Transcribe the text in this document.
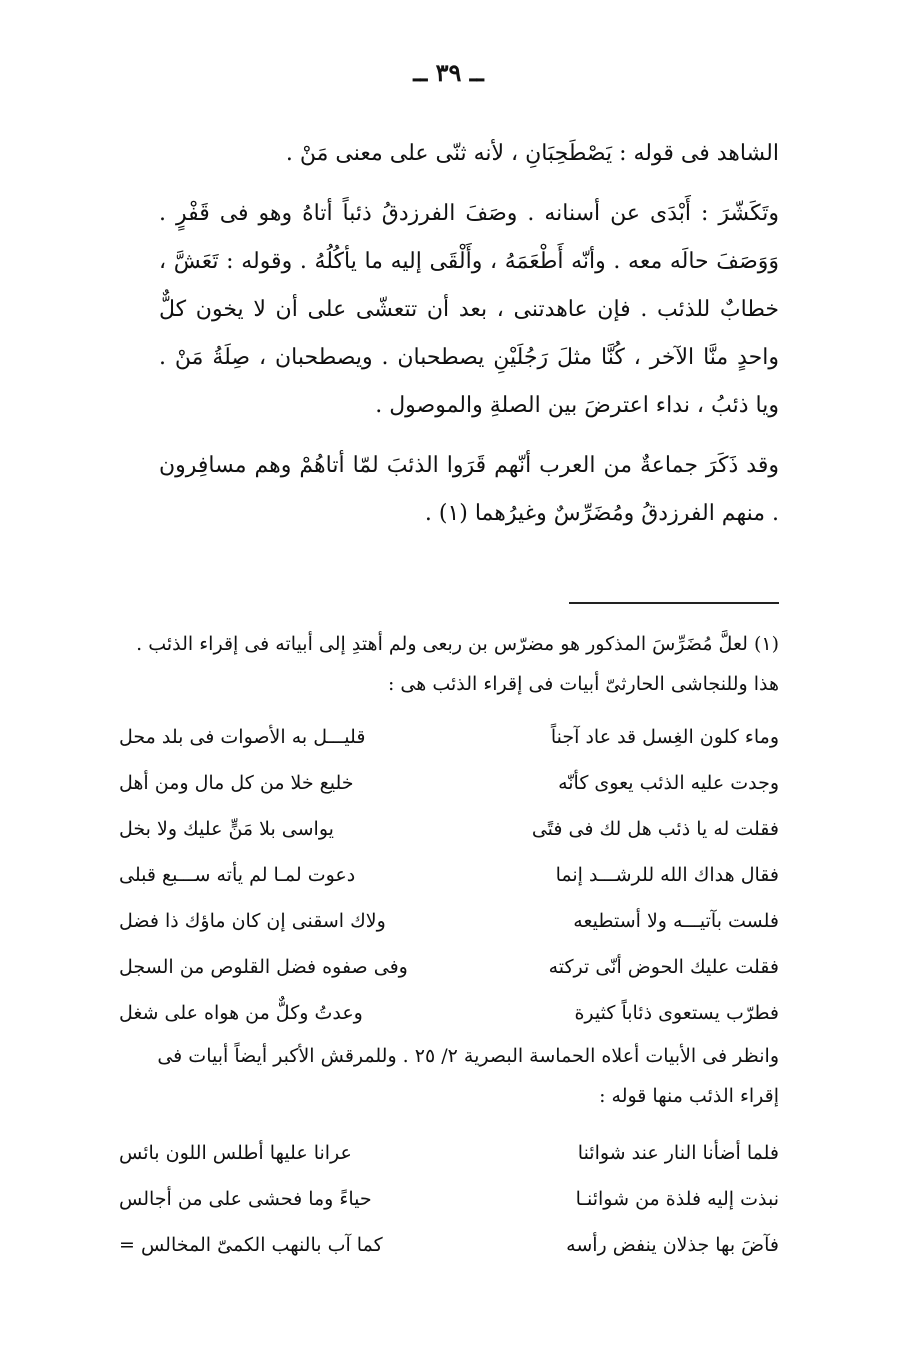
ــ ٣٩ ــ

الشاهد فى قوله : يَصْطَحِبَانِ ، لأنه ثنّى على معنى مَنْ .

وتَكَشّرَ : أَبْدَى عن أسنانه . وصَفَ الفرزدقُ ذئباً أتاهُ وهو فى قَفْرٍ . وَوَصَفَ حالَه معه . وأنّه أَطْعَمَهُ ، وأَلْقَى إليه ما يأكُلُهُ . وقوله : تَعَشَّ ، خطابٌ للذئب . فإن عاهدتنى ، بعد أن تتعشّى على أن لا يخون كلٌّ واحدٍ منَّا الآخر ، كُنَّا مثلَ رَجُلَيْنِ يصطحبان . ويصطحبان ، صِلَةُ مَنْ . ويا ذئبُ ، نداء اعترضَ بين الصلةِ والموصول .

وقد ذَكَرَ جماعةٌ من العرب أنّهم قَرَوا الذئبَ لمّا أتاهُمْ وهم مسافِرون . منهم الفرزدقُ ومُضَرِّسٌ وغيرُهما (١) .

(١) لعلَّ مُضَرِّسَ المذكور هو مضرّس بن ربعى ولم أهتدِ إلى أبياته فى إقراء الذئب . هذا وللنجاشى الحارثىّ أبيات فى إقراء الذئب هى :

وماء كلون الغِسل قد عاد آجناً
قليـــل به الأصوات فى بلد محل
وجدت عليه الذئب يعوى كأنّه
خليع خلا من كل مال ومن أهل
فقلت له يا ذئب هل لك فى فتًى
يواسى بلا مَنٍّ عليك ولا بخل
فقال هداك الله للرشـــد إنما
دعوت لمـا لم يأته ســـبع قبلى
فلست بآتيـــه ولا أستطيعه
ولاك اسقنى إن كان ماؤك ذا فضل
فقلت عليك الحوض أنّى تركته
وفى صفوه فضل القلوص من السجل
فطرّب يستعوى ذئاباً كثيرة
وعدتُ وكلٌّ من هواه على شغل

وانظر فى الأبيات أعلاه الحماسة البصرية ٢/ ٢٥ . وللمرقش الأكبر أيضاً أبيات فى إقراء الذئب منها قوله :

فلما أضأنا النار عند شوائنا
عرانا عليها أطلس اللون بائس
نبذت إليه فلذة من شوائنـا
حياءً وما فحشى على من أجالس
فآضَ بها جذلان ينفض رأسه
كما آب بالنهب الكمىّ المخالس =
